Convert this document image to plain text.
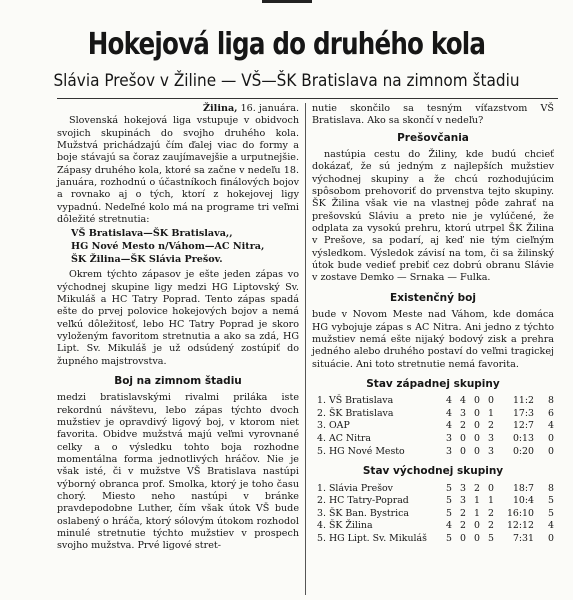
Hokejová liga do druhého kola
Slávia Prešov v Žiline — VŠ—ŠK Bratislava na zimnom štadiu

Žilina, 16. januára.

Slovenská hokejová liga vstupuje v obidvoch svojich skupinách do svojho druhého kola. Mužstvá prichádzajú čím ďalej viac do formy a boje stávajú sa čoraz zaujímavejšie a urputnejšie. Zápasy druhého kola, ktoré sa začne v nedeľu 18. januára, rozhodnú o účastníkoch finálových bojov a rovnako aj o tých, ktorí z hokejovej ligy vypadnú. Nedeľné kolo má na programe tri veľmi dôležité stretnutia:

VŠ Bratislava—ŠK Bratislava,,
HG Nové Mesto n/Váhom—AC Nitra,
ŠK Žilina—ŠK Slávia Prešov.

Okrem týchto zápasov je ešte jeden zápas vo východnej skupine ligy medzi HG Liptovský Sv. Mikuláš a HC Tatry Poprad. Tento zápas spadá ešte do prvej polovice hokejových bojov a nemá veľkú dôležitosť, lebo HC Tatry Poprad je skoro vyloženým favoritom stretnutia a ako sa zdá, HG Lipt. Sv. Mikuláš je už odsúdený zostúpiť do župného majstrovstva.

Boj na zimnom štadiu

medzi bratislavskými rivalmi priláka iste rekordnú návštevu, lebo zápas týchto dvoch mužstiev je opravdivý ligový boj, v ktorom niet favorita. Obidve mužstvá majú veľmi vyrovnané celky a o výsledku tohto boja rozhodne momentálna forma jednotlivých hráčov. Nie je však isté, či v mužstve VŠ Bratislava nastúpi výborný obranca prof. Smolka, ktorý je toho času chorý. Miesto neho nastúpi v bránke pravdepodobne Luther, čím však útok VŠ bude oslabený o hráča, ktorý sólovým útokom rozhodol minulé stretnutie týchto mužstiev v prospech svojho mužstva. Prvé ligové stret-

nutie skončilo sa tesným víťazstvom VŠ Bratislava. Ako sa skončí v nedeľu?

Prešovčania

nastúpia cestu do Žiliny, kde budú chcieť dokázať, že sú jedným z najlepších mužstiev východnej skupiny a že chcú rozhodujúcim spôsobom prehovoriť do prvenstva tejto skupiny. ŠK Žilina však vie na vlastnej pôde zahrať na prešovskú Sláviu a preto nie je vylúčené, že odplata za vysokú prehru, ktorú utrpel ŠK Žilina v Prešove, sa podarí, aj keď nie tým cieľným výsledkom. Výsledok závisí na tom, či sa žilinský útok bude vedieť prebiť cez dobrú obranu Slávie v zostave Demko — Srnaka — Fulka.

Existenčný boj

bude v Novom Meste nad Váhom, kde domáca HG vybojuje zápas s AC Nitra. Ani jedno z týchto mužstiev nemá ešte nijaký bodový zisk a prehra jedného alebo druhého postaví do veľmi tragickej situácie. Ani toto stretnutie nemá favorita.

Stav západnej skupiny
1.	VŠ Bratislava	4	4	0	0	11:2	8
2.	ŠK Bratislava	4	3	0	1	17:3	6
3.	OAP	4	2	0	2	12:7	4
4.	AC Nitra	3	0	0	3	0:13	0
5.	HG Nové Mesto	3	0	0	3	0:20	0
Stav východnej skupiny
1.	Slávia Prešov	5	3	2	0	18:7	8
2.	HC Tatry-Poprad	5	3	1	1	10:4	5
3.	ŠK Ban. Bystrica	5	2	1	2	16:10	5
4.	ŠK Žilina	4	2	0	2	12:12	4
5.	HG Lipt. Sv. Mikuláš	5	0	0	5	7:31	0
